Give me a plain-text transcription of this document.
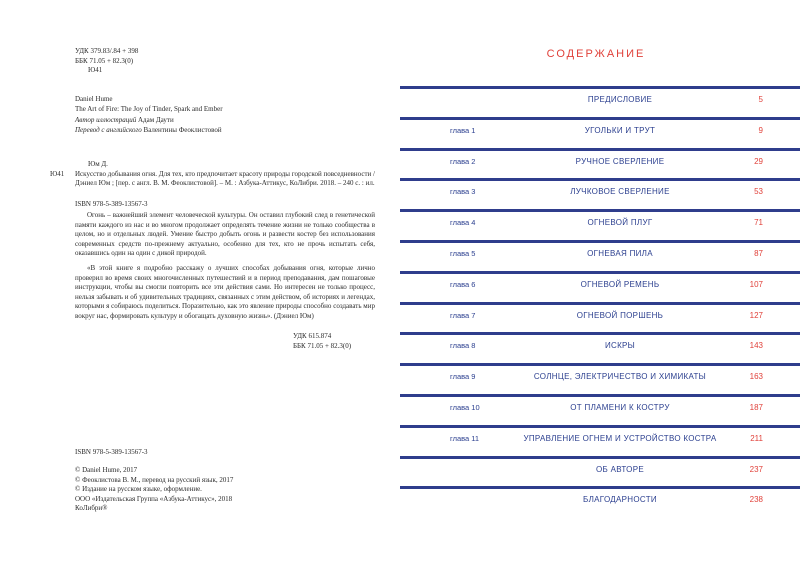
УДК 379.83/.84 + 398
ББК 71.05 + 82.3(0)
Ю41
Daniel Hume
The Art of Fire: The Joy of Tinder, Spark and Ember
Автор иллюстраций Адам Даути
Перевод с английского Валентины Феоклистовой
Юм Д.
Ю41 Искусство добывания огня. Для тех, кто предпочитает красоту природы городской повседневности / Дэниел Юм ; [пер. с англ. В. М. Феоклистовой]. – М. : Азбука-Аттикус, КоЛибри. 2018. – 240 с. : ил.
ISBN 978-5-389-13567-3
Огонь – важнейший элемент человеческой культуры. Он оставил глубокий след в генетической памяти каждого из нас и во многом продолжает определять течение жизни не только сообщества в целом, но и отдельных людей. Умение быстро добыть огонь и развести костер без использования современных средств по-прежнему актуально, особенно для тех, кто не прочь испытать себя, оказавшись один на один с дикой природой.
«В этой книге я подробно расскажу о лучших способах добывания огня, которые лично проверил во время своих многочисленных путешествий и в период преподавания, дам пошаговые инструкции, чтобы вы смогли повторить все эти действия сами. Но интересен не только процесс, нельзя забывать и об удивительных традициях, связанных с этим действом, об историях и легендах, которыми я собираюсь поделиться. Поразительно, как это явление природы способно создавать мир вокруг нас, формировать культуру и обогащать духовную жизнь». (Дэниел Юм)
УДК 615.874
ББК 71.05 + 82.3(0)
ISBN 978-5-389-13567-3
© Daniel Hume, 2017
© Феоклистова В. М., перевод на русский язык, 2017
© Издание на русском языке, оформление.
ООО «Издательская Группа «Азбука-Аттикус», 2018
КоЛибри®
СОДЕРЖАНИЕ
ПРЕДИСЛОВИЕ	5
глава 1	УГОЛЬКИ И ТРУТ	9
глава 2	РУЧНОЕ СВЕРЛЕНИЕ	29
глава 3	ЛУЧКОВОЕ СВЕРЛЕНИЕ	53
глава 4	ОГНЕВОЙ ПЛУГ	71
глава 5	ОГНЕВАЯ ПИЛА	87
глава 6	ОГНЕВОЙ РЕМЕНЬ	107
глава 7	ОГНЕВОЙ ПОРШЕНЬ	127
глава 8	ИСКРЫ	143
глава 9	СОЛНЦЕ, ЭЛЕКТРИЧЕСТВО И ХИМИКАТЫ	163
глава 10	ОТ ПЛАМЕНИ К КОСТРУ	187
глава 11	УПРАВЛЕНИЕ ОГНЕМ И УСТРОЙСТВО КОСТРА	211
ОБ АВТОРЕ	237
БЛАГОДАРНОСТИ	238
